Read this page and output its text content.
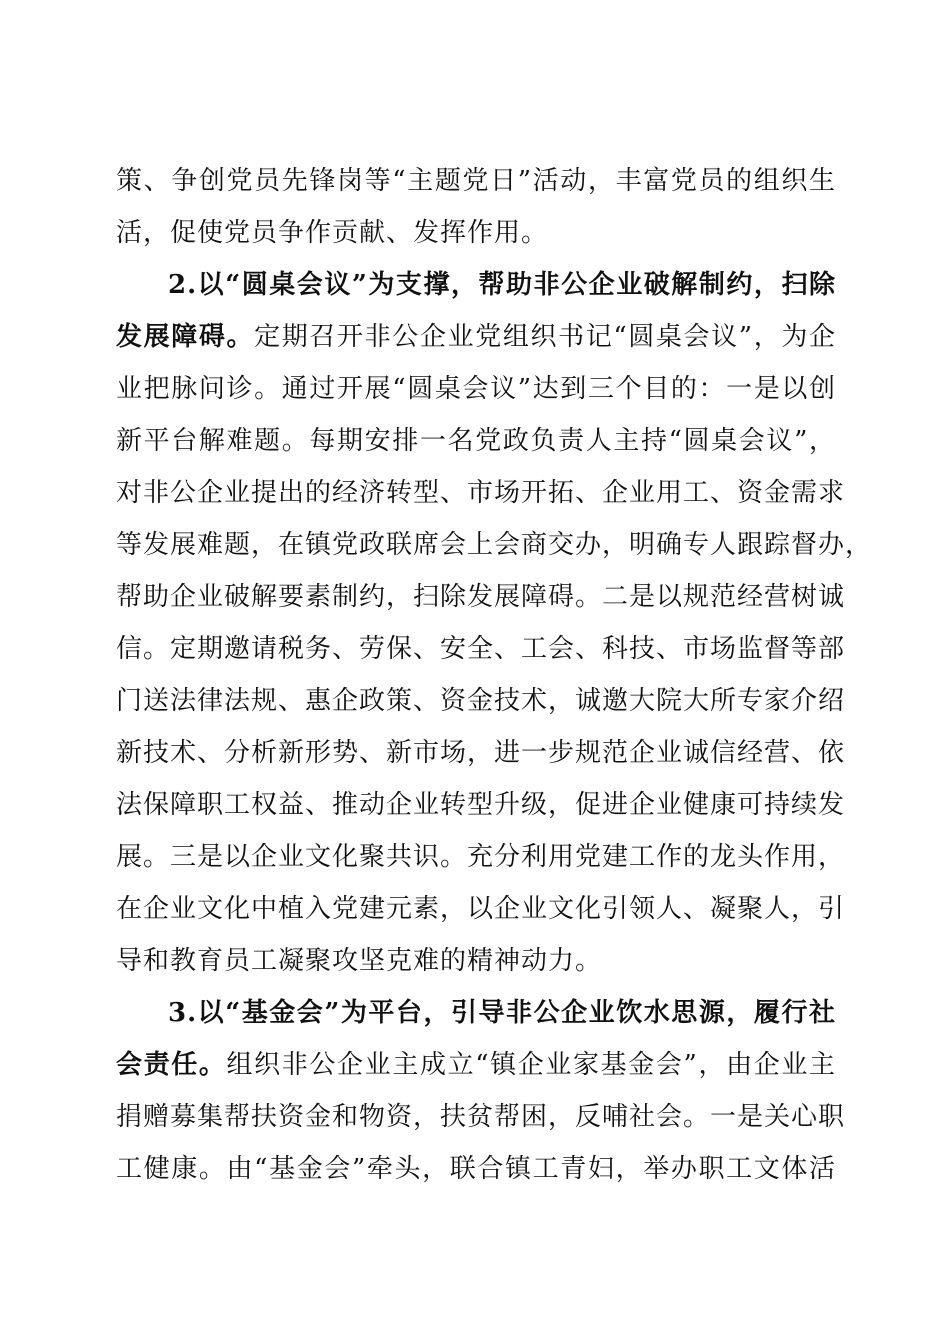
策、争创党员先锋岗等“主题党日”活动，丰富党员的组织生
活，促使党员争作贡献、发挥作用。
2.以“圆桌会议”为支撑，帮助非公企业破解制约，扫除
发展障碍。定期召开非公企业党组织书记“圆桌会议”，为企
业把脉问诊。通过开展“圆桌会议”达到三个目的：一是以创
新平台解难题。每期安排一名党政负责人主持“圆桌会议”，
对非公企业提出的经济转型、市场开拓、企业用工、资金需求
等发展难题，在镇党政联席会上会商交办，明确专人跟踪督办，
帮助企业破解要素制约，扫除发展障碍。二是以规范经营树诚
信。定期邀请税务、劳保、安全、工会、科技、市场监督等部
门送法律法规、惠企政策、资金技术，诚邀大院大所专家介绍
新技术、分析新形势、新市场，进一步规范企业诚信经营、依
法保障职工权益、推动企业转型升级，促进企业健康可持续发
展。三是以企业文化聚共识。充分利用党建工作的龙头作用，
在企业文化中植入党建元素，以企业文化引领人、凝聚人，引
导和教育员工凝聚攻坚克难的精神动力。
3.以“基金会”为平台，引导非公企业饮水思源，履行社
会责任。组织非公企业主成立“镇企业家基金会”，由企业主
捐赠募集帮扶资金和物资，扶贫帮困，反哺社会。一是关心职
工健康。由“基金会”牵头，联合镇工青妇，举办职工文体活
